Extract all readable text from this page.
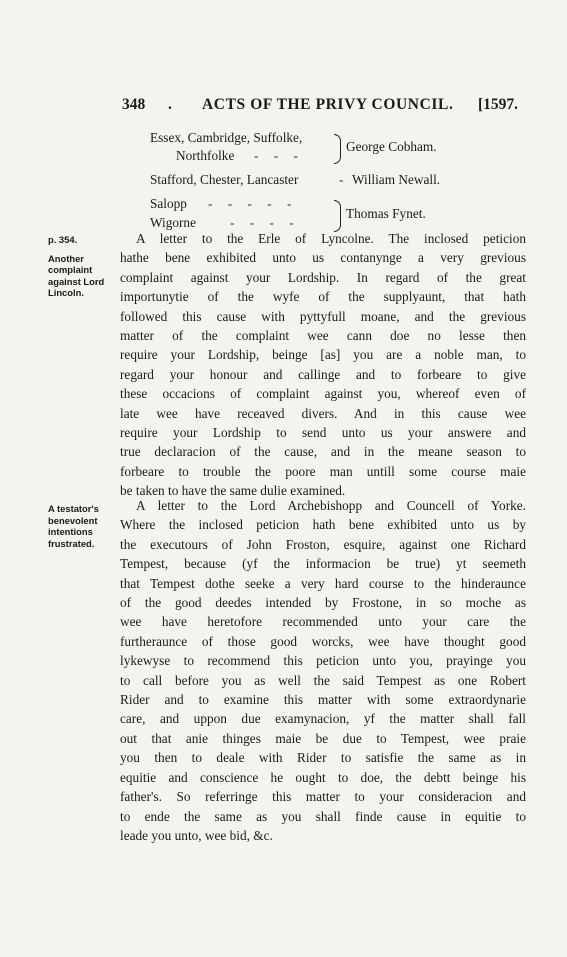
348 . ACTS OF THE PRIVY COUNCIL. [1597.
Essex, Cambridge, Suffolke,
Northfolke - - -
George Cobham.
Stafford, Chester, Lancaster	- William Newall.
Salopp - - - - -
Wigorne	- - - -
Thomas Fynet.
p. 354.
Another
complaint
against Lord
Lincoln.
A letter to the Erle of Lyncolne. The inclosed peticion
hathe bene exhibited unto us contanynge a very grevious
complaint against your Lordship. In regard of the great
importunytie of the wyfe of the supplyaunt, that hath
followed this cause with pyttyfull moane, and the grevious
matter of the complaint wee cann doe no lesse then
require your Lordship, beinge [as] you are a noble man, to
regard your honour and callinge and to forbeare to give
these occacions of complaint against you, whereof even of
late wee have receaved divers. And in this cause wee
require your Lordship to send unto us your answere and
true declaracion of the cause, and in the meane season to
forbeare to trouble the poore man untill some course maie
be taken to have the same dulie examined.
A testator's
benevolent
intentions
frustrated.
A letter to the Lord Archebishopp and Councell of Yorke.
Where the inclosed peticion hath bene exhibited unto us by
the executours of John Froston, esquire, against one Richard
Tempest, because (yf the informacion be true) yt seemeth
that Tempest dothe seeke a very hard course to the hinderaunce
of the good deedes intended by Frostone, in so moche as
wee have heretofore recommended unto your care the
furtheraunce of those good worcks, wee have thought good
lykewyse to recommend this peticion unto you, prayinge you
to call before you as well the said Tempest as one Robert
Rider and to examine this matter with some extraordynarie
care, and uppon due examynacion, yf the matter shall fall
out that anie thinges maie be due to Tempest, wee praie
you then to deale with Rider to satisfie the same as in
equitie and conscience he ought to doe, the debtt beinge his
father's. So referringe this matter to your consideracion and
to ende the same as you shall finde cause in equitie to
leade you unto, wee bid, &c.
